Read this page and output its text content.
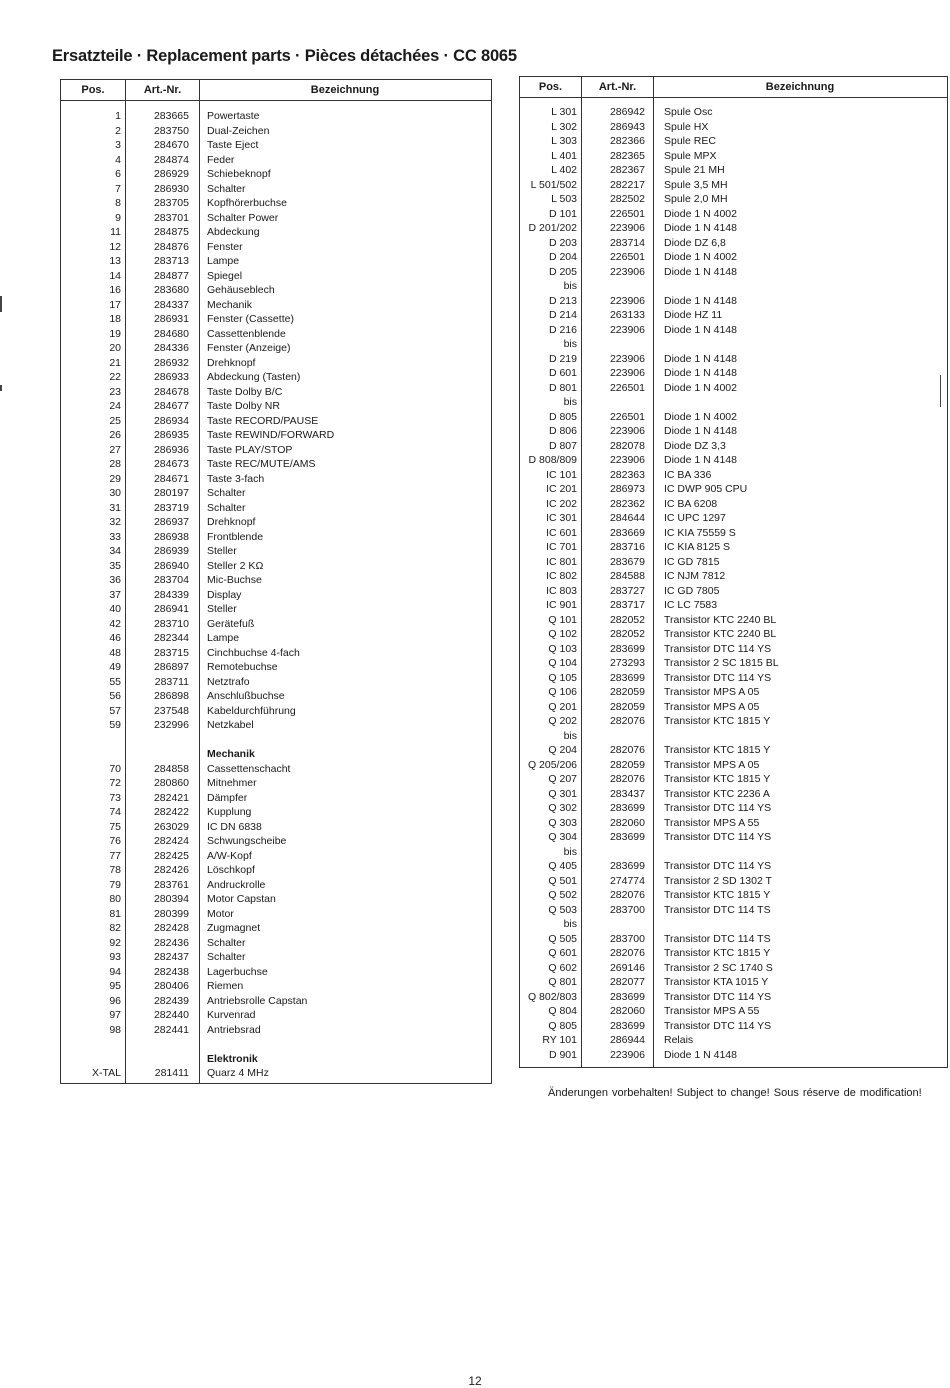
Ersatzteile · Replacement parts · Pièces détachées · CC 8065
Pos.	Art.-Nr.	Bezeichnung
1	283665 Powertaste
2	283750 Dual-Zeichen
3	284670 Taste Eject
4	284874 Feder
6	286929 Schiebeknopf
7	286930 Schalter
8	283705 Kopfhörerbuchse
9	283701 Schalter Power
11	284875 Abdeckung
12	284876 Fenster
13	283713 Lampe
14	284877 Spiegel
16	283680 Gehäuseblech
17	284337 Mechanik
18	286931 Fenster (Cassette)
19	284680 Cassettenblende
20	284336 Fenster (Anzeige)
21	286932 Drehknopf
22	286933 Abdeckung (Tasten)
23	284678 Taste Dolby B/C
24	284677 Taste Dolby NR
25	286934 Taste RECORD/PAUSE
26	286935 Taste REWIND/FORWARD
27	286936 Taste PLAY/STOP
28	284673 Taste REC/MUTE/AMS
29	284671 Taste 3-fach
30	280197 Schalter
31	283719 Schalter
32	286937 Drehknopf
33	286938 Frontblende
34	286939 Steller
35	286940 Steller 2 KΩ
36	283704 Mic-Buchse
37	284339 Display
40	286941 Steller
42	283710 Gerätefuß
46	282344 Lampe
48	283715 Cinchbuchse 4-fach
49	286897 Remotebuchse
55	283711 Netztrafo
56	286898 Anschlußbuchse
57	237548 Kabeldurchführung
59	232996 Netzkabel
Mechanik
70	284858 Cassettenschacht
72	280860 Mitnehmer
73	282421 Dämpfer
74	282422 Kupplung
75	263029 IC DN 6838
76	282424 Schwungscheibe
77	282425 A/W-Kopf
78	282426 Löschkopf
79	283761 Andruckrolle
80	280394 Motor Capstan
81	280399 Motor
82	282428 Zugmagnet
92	282436 Schalter
93	282437 Schalter
94	282438 Lagerbuchse
95	280406 Riemen
96	282439 Antriebsrolle Capstan
97	282440 Kurvenrad
98	282441 Antriebsrad
Elektronik
X-TAL	281411 Quarz 4 MHz
Pos.	Art.-Nr.	Bezeichnung
L 301	286942 Spule Osc
L 302	286943 Spule HX
L 303	282366 Spule REC
L 401	282365 Spule MPX
L 402	282367 Spule 21 MH
L 501/502	282217 Spule 3,5 MH
L 503	282502 Spule 2,0 MH
D 101	226501 Diode 1 N 4002
D 201/202	223906 Diode 1 N 4148
D 203	283714 Diode DZ 6,8
D 204	226501 Diode 1 N 4002
D 205	223906 Diode 1 N 4148
bis
D 213	223906 Diode 1 N 4148
D 214	263133 Diode HZ 11
D 216	223906 Diode 1 N 4148
bis
D 219	223906 Diode 1 N 4148
D 601	223906 Diode 1 N 4148
D 801	226501 Diode 1 N 4002
bis
D 805	226501 Diode 1 N 4002
D 806	223906 Diode 1 N 4148
D 807	282078 Diode DZ 3,3
D 808/809	223906 Diode 1 N 4148
IC 101	282363 IC BA 336
IC 201	286973 IC DWP 905 CPU
IC 202	282362 IC BA 6208
IC 301	284644 IC UPC 1297
IC 601	283669 IC KIA 75559 S
IC 701	283716 IC KIA 8125 S
IC 801	283679 IC GD 7815
IC 802	284588 IC NJM 7812
IC 803	283727 IC GD 7805
IC 901	283717 IC LC 7583
Q 101	282052 Transistor KTC 2240 BL
Q 102	282052 Transistor KTC 2240 BL
Q 103	283699 Transistor DTC 114 YS
Q 104	273293 Transistor 2 SC 1815 BL
Q 105	283699 Transistor DTC 114 YS
Q 106	282059 Transistor MPS A 05
Q 201	282059 Transistor MPS A 05
Q 202	282076 Transistor KTC 1815 Y
bis
Q 204	282076 Transistor KTC 1815 Y
Q 205/206	282059 Transistor MPS A 05
Q 207	282076 Transistor KTC 1815 Y
Q 301	283437 Transistor KTC 2236 A
Q 302	283699 Transistor DTC 114 YS
Q 303	282060 Transistor MPS A 55
Q 304	283699 Transistor DTC 114 YS
bis
Q 405	283699 Transistor DTC 114 YS
Q 501	274774 Transistor 2 SD 1302 T
Q 502	282076 Transistor KTC 1815 Y
Q 503	283700 Transistor DTC 114 TS
bis
Q 505	283700 Transistor DTC 114 TS
Q 601	282076 Transistor KTC 1815 Y
Q 602	269146 Transistor 2 SC 1740 S
Q 801	282077 Transistor KTA 1015 Y
Q 802/803	283699 Transistor DTC 114 YS
Q 804	282060 Transistor MPS A 55
Q 805	283699 Transistor DTC 114 YS
RY 101	286944 Relais
D 901	223906 Diode 1 N 4148
Änderungen vorbehalten! Subject to change! Sous réserve de modification!
12
